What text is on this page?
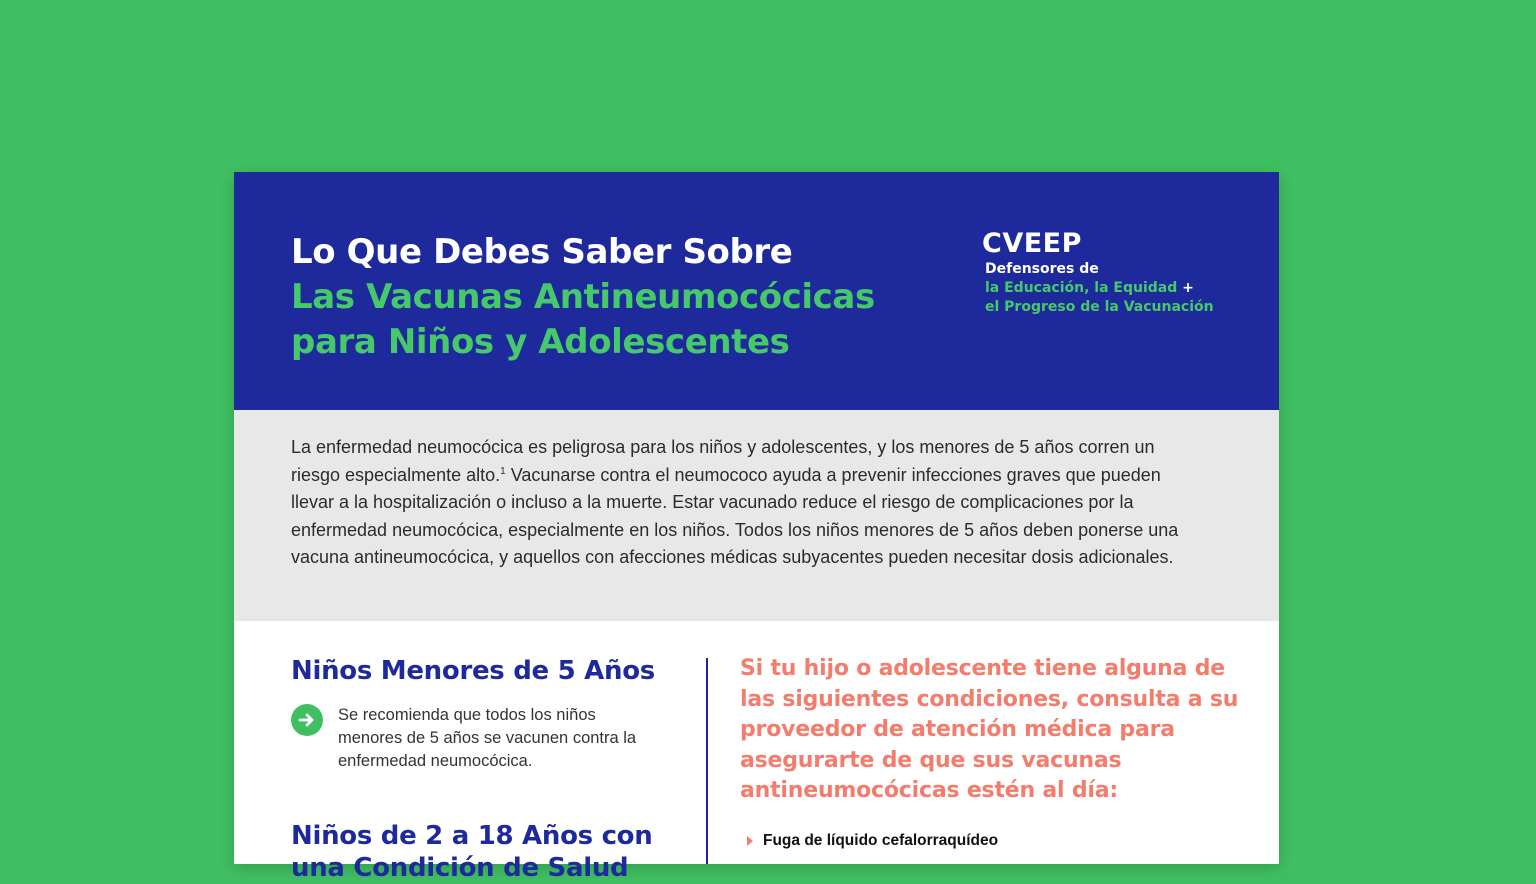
Lo Que Debes Saber Sobre
Las Vacunas Antineumocócicas
para Niños y Adolescentes
CVEEP
Defensores de
la Educación, la Equidad +
el Progreso de la Vacunación

La enfermedad neumocócica es peligrosa para los niños y adolescentes, y los menores de 5 años corren un riesgo especialmente alto.$^1$ Vacunarse contra el neumococo ayuda a prevenir infecciones graves que pueden llevar a la hospitalización o incluso a la muerte. Estar vacunado reduce el riesgo de complicaciones por la enfermedad neumocócica, especialmente en los niños. Todos los niños menores de 5 años deben ponerse una vacuna antineumocócica, y aquellos con afecciones médicas subyacentes pueden necesitar dosis adicionales.

Niños Menores de 5 Años
Se recomienda que todos los niños menores de 5 años se vacunen contra la enfermedad neumocócica.
Niños de 2 a 18 Años con
una Condición de Salud
Si tu hijo o adolescente tiene alguna de las siguientes condiciones, consulta a su proveedor de atención médica para asegurarte de que sus vacunas antineumocócicas estén al día:
Fuga de líquido cefalorraquídeo
